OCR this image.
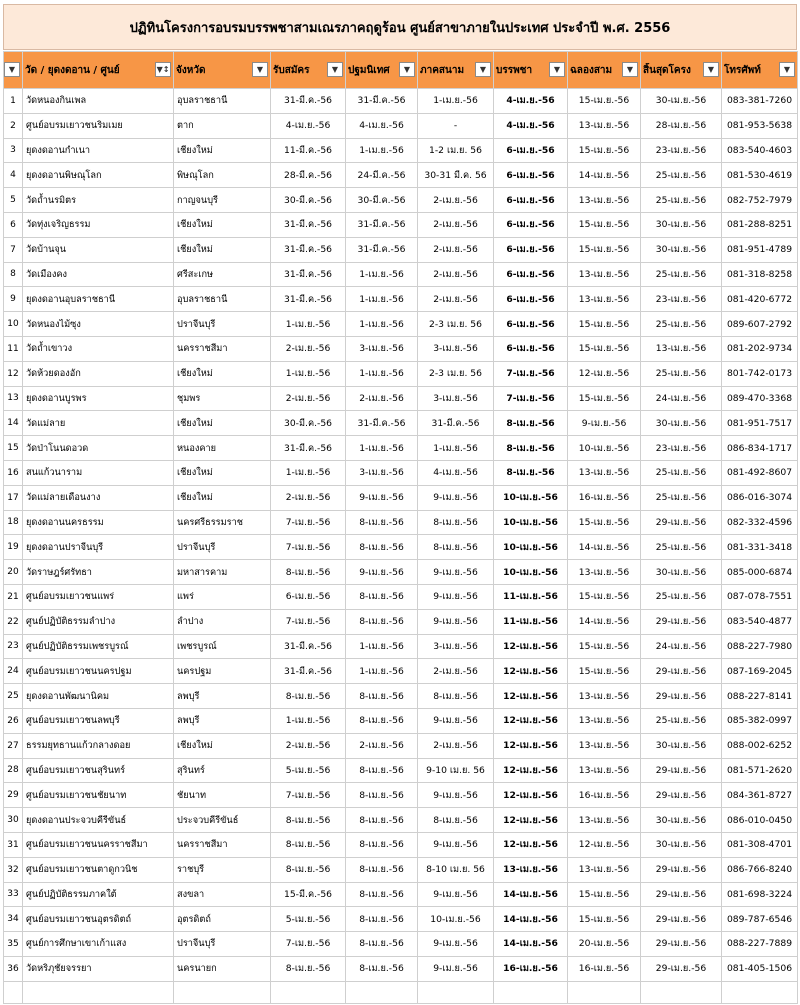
ปฏิทินโครงการอบรมบรรพชาสามเณรภาคฤดูร้อน ศูนย์สาขาภายในประเทศ ประจำปี พ.ศ. 2556
▼	วัด / ยุดงดอาน / ศูนย์ ▼↕	จังหวัด ▼	รับสมัคร ▼	ปฐมนิเทศ ▼	ภาคสนาม ▼	บรรพชา ▼	ฉลองสาม ▼	สิ้นสุดโครง ▼	โทรศัพท์ ▼

1	วัดหนองกินเพล	อุบลราชธานี	31-มี.ค.-56	31-มี.ค.-56	1-เม.ย.-56	4-เม.ย.-56	15-เม.ย.-56	30-เม.ย.-56	083-381-7260
2	ศูนย์อบรมเยาวชนริมเมย	ตาก	4-เม.ย.-56	4-เม.ย.-56	-	4-เม.ย.-56	13-เม.ย.-56	28-เม.ย.-56	081-953-5638
3	ยุดงดอานกำเนา	เชียงใหม่	11-มี.ค.-56	1-เม.ย.-56	1-2 เม.ย. 56	6-เม.ย.-56	15-เม.ย.-56	23-เม.ย.-56	083-540-4603
4	ยุดงดอานพิษณุโลก	พิษณุโลก	28-มี.ค.-56	24-มี.ค.-56	30-31 มี.ค. 56	6-เม.ย.-56	14-เม.ย.-56	25-เม.ย.-56	081-530-4619
5	วัดถ้ำนรมิตร	กาญจนบุรี	30-มี.ค.-56	30-มี.ค.-56	2-เม.ย.-56	6-เม.ย.-56	13-เม.ย.-56	25-เม.ย.-56	082-752-7979
6	วัดทุ่งเจริญธรรม	เชียงใหม่	31-มี.ค.-56	31-มี.ค.-56	2-เม.ย.-56	6-เม.ย.-56	15-เม.ย.-56	30-เม.ย.-56	081-288-8251
7	วัดบ้านจุน	เชียงใหม่	31-มี.ค.-56	31-มี.ค.-56	2-เม.ย.-56	6-เม.ย.-56	15-เม.ย.-56	30-เม.ย.-56	081-951-4789
8	วัดเมืองคง	ศรีสะเกษ	31-มี.ค.-56	1-เม.ย.-56	2-เม.ย.-56	6-เม.ย.-56	13-เม.ย.-56	25-เม.ย.-56	081-318-8258
9	ยุดงดอานอุบลราชธานี	อุบลราชธานี	31-มี.ค.-56	1-เม.ย.-56	2-เม.ย.-56	6-เม.ย.-56	13-เม.ย.-56	23-เม.ย.-56	081-420-6772
10	วัดหนองไม้ซุง	ปราจีนบุรี	1-เม.ย.-56	1-เม.ย.-56	2-3 เม.ย. 56	6-เม.ย.-56	15-เม.ย.-56	25-เม.ย.-56	089-607-2792
11	วัดถ้ำเขาวง	นครราชสีมา	2-เม.ย.-56	3-เม.ย.-56	3-เม.ย.-56	6-เม.ย.-56	15-เม.ย.-56	13-เม.ย.-56	081-202-9734
12	วัดห้วยดองอัก	เชียงใหม่	1-เม.ย.-56	1-เม.ย.-56	2-3 เม.ย. 56	7-เม.ย.-56	12-เม.ย.-56	25-เม.ย.-56	801-742-0173
13	ยุดงดอานบูรพร	ชุมพร	2-เม.ย.-56	2-เม.ย.-56	3-เม.ย.-56	7-เม.ย.-56	15-เม.ย.-56	24-เม.ย.-56	089-470-3368
14	วัดแม่ลาย	เชียงใหม่	30-มี.ค.-56	31-มี.ค.-56	31-มี.ค.-56	8-เม.ย.-56	9-เม.ย.-56	30-เม.ย.-56	081-951-7517
15	วัดป่าโนนดอวด	หนองคาย	31-มี.ค.-56	1-เม.ย.-56	1-เม.ย.-56	8-เม.ย.-56	10-เม.ย.-56	23-เม.ย.-56	086-834-1717
16	สนแก้วนาราม	เชียงใหม่	1-เม.ย.-56	3-เม.ย.-56	4-เม.ย.-56	8-เม.ย.-56	13-เม.ย.-56	25-เม.ย.-56	081-492-8607
17	วัดแม่ลายเดือนงาง	เชียงใหม่	2-เม.ย.-56	9-เม.ย.-56	9-เม.ย.-56	10-เม.ย.-56	16-เม.ย.-56	25-เม.ย.-56	086-016-3074
18	ยุดงดอานนครธรรม	นครศรีธรรมราช	7-เม.ย.-56	8-เม.ย.-56	8-เม.ย.-56	10-เม.ย.-56	15-เม.ย.-56	29-เม.ย.-56	082-332-4596
19	ยุดงดอานปราจีนบุรี	ปราจีนบุรี	7-เม.ย.-56	8-เม.ย.-56	8-เม.ย.-56	10-เม.ย.-56	14-เม.ย.-56	25-เม.ย.-56	081-331-3418
20	วัดราษฎร์ศรัทธา	มหาสารคาม	8-เม.ย.-56	9-เม.ย.-56	9-เม.ย.-56	10-เม.ย.-56	13-เม.ย.-56	30-เม.ย.-56	085-000-6874
21	ศูนย์อบรมเยาวชนแพร่	แพร่	6-เม.ย.-56	8-เม.ย.-56	9-เม.ย.-56	11-เม.ย.-56	15-เม.ย.-56	25-เม.ย.-56	087-078-7551
22	ศูนย์ปฏิบัติธรรมลำปาง	ลำปาง	7-เม.ย.-56	8-เม.ย.-56	9-เม.ย.-56	11-เม.ย.-56	14-เม.ย.-56	29-เม.ย.-56	083-540-4877
23	ศูนย์ปฏิบัติธรรมเพชรบูรณ์	เพชรบูรณ์	31-มี.ค.-56	1-เม.ย.-56	3-เม.ย.-56	12-เม.ย.-56	15-เม.ย.-56	24-เม.ย.-56	088-227-7980
24	ศูนย์อบรมเยาวชนนครปฐม	นครปฐม	31-มี.ค.-56	1-เม.ย.-56	2-เม.ย.-56	12-เม.ย.-56	15-เม.ย.-56	29-เม.ย.-56	087-169-2045
25	ยุดงดอานพัฒนานิคม	ลพบุรี	8-เม.ย.-56	8-เม.ย.-56	8-เม.ย.-56	12-เม.ย.-56	13-เม.ย.-56	29-เม.ย.-56	088-227-8141
26	ศูนย์อบรมเยาวชนลพบุรี	ลพบุรี	1-เม.ย.-56	8-เม.ย.-56	9-เม.ย.-56	12-เม.ย.-56	13-เม.ย.-56	25-เม.ย.-56	085-382-0997
27	ธรรมยุทธานแก้วกลางดอย	เชียงใหม่	2-เม.ย.-56	2-เม.ย.-56	2-เม.ย.-56	12-เม.ย.-56	13-เม.ย.-56	30-เม.ย.-56	088-002-6252
28	ศูนย์อบรมเยาวชนสุรินทร์	สุรินทร์	5-เม.ย.-56	8-เม.ย.-56	9-10 เม.ย. 56	12-เม.ย.-56	13-เม.ย.-56	29-เม.ย.-56	081-571-2620
29	ศูนย์อบรมเยาวชนชัยนาท	ชัยนาท	7-เม.ย.-56	8-เม.ย.-56	9-เม.ย.-56	12-เม.ย.-56	16-เม.ย.-56	29-เม.ย.-56	084-361-8727
30	ยุดงดอานประจวบคีรีขันธ์	ประจวบคีรีขันธ์	8-เม.ย.-56	8-เม.ย.-56	8-เม.ย.-56	12-เม.ย.-56	13-เม.ย.-56	30-เม.ย.-56	086-010-0450
31	ศูนย์อบรมเยาวชนนครราชสีมา	นครราชสีมา	8-เม.ย.-56	8-เม.ย.-56	9-เม.ย.-56	12-เม.ย.-56	12-เม.ย.-56	30-เม.ย.-56	081-308-4701
32	ศูนย์อบรมเยาวชนตาดูกวนิช	ราชบุรี	8-เม.ย.-56	8-เม.ย.-56	8-10 เม.ย. 56	13-เม.ย.-56	13-เม.ย.-56	29-เม.ย.-56	086-766-8240
33	ศูนย์ปฏิบัติธรรมภาคใต้	สงขลา	15-มี.ค.-56	8-เม.ย.-56	9-เม.ย.-56	14-เม.ย.-56	15-เม.ย.-56	29-เม.ย.-56	081-698-3224
34	ศูนย์อบรมเยาวชนอุตรดิตถ์	อุตรดิตถ์	5-เม.ย.-56	8-เม.ย.-56	10-เม.ย.-56	14-เม.ย.-56	15-เม.ย.-56	29-เม.ย.-56	089-787-6546
35	ศูนย์การศึกษาเขาเก้าแสง	ปราจีนบุรี	7-เม.ย.-56	8-เม.ย.-56	9-เม.ย.-56	14-เม.ย.-56	20-เม.ย.-56	29-เม.ย.-56	088-227-7889
36	วัดหริภุชัยจรรยา	นครนายก	8-เม.ย.-56	8-เม.ย.-56	9-เม.ย.-56	16-เม.ย.-56	16-เม.ย.-56	29-เม.ย.-56	081-405-1506
